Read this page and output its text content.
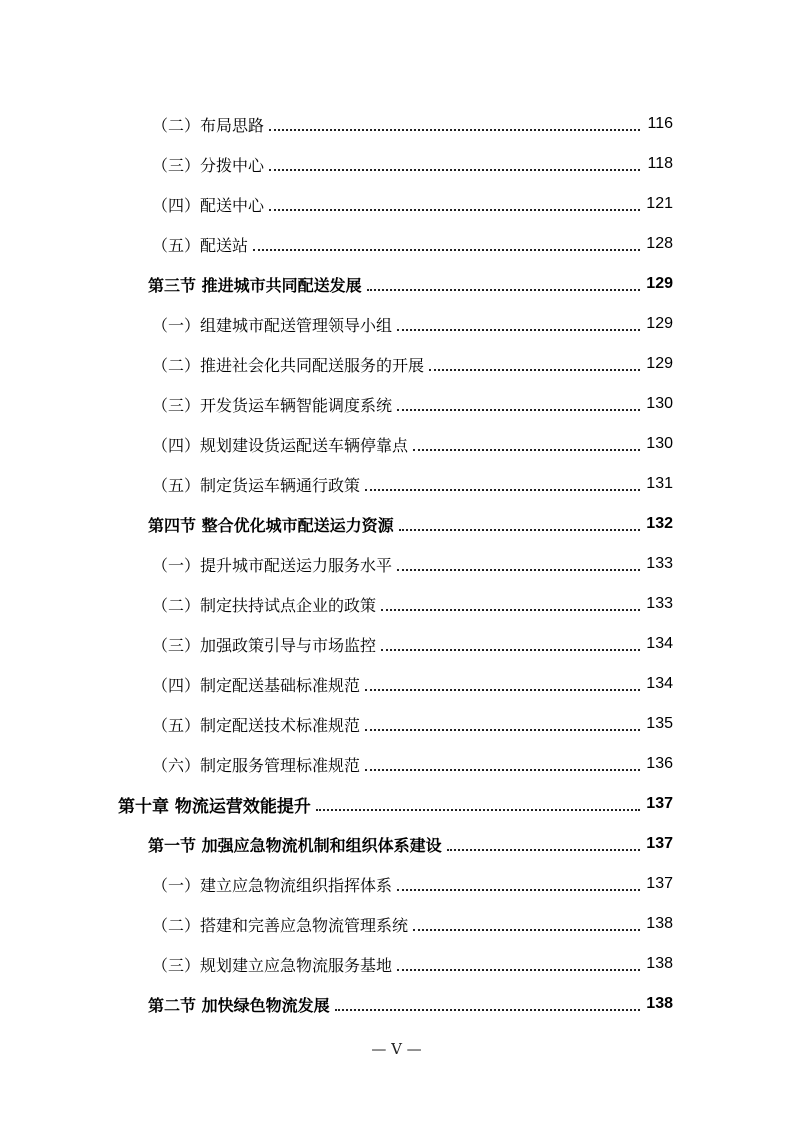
（二）布局思路	116
（三）分拨中心	118
（四）配送中心	121
（五）配送站	128
第三节 推进城市共同配送发展	129
（一）组建城市配送管理领导小组	129
（二）推进社会化共同配送服务的开展	129
（三）开发货运车辆智能调度系统	130
（四）规划建设货运配送车辆停靠点	130
（五）制定货运车辆通行政策	131
第四节 整合优化城市配送运力资源	132
（一）提升城市配送运力服务水平	133
（二）制定扶持试点企业的政策	133
（三）加强政策引导与市场监控	134
（四）制定配送基础标准规范	134
（五）制定配送技术标准规范	135
（六）制定服务管理标准规范	136
第十章 物流运营效能提升	137
第一节 加强应急物流机制和组织体系建设	137
（一）建立应急物流组织指挥体系	137
（二）搭建和完善应急物流管理系统	138
（三）规划建立应急物流服务基地	138
第二节 加快绿色物流发展	138
— V —
